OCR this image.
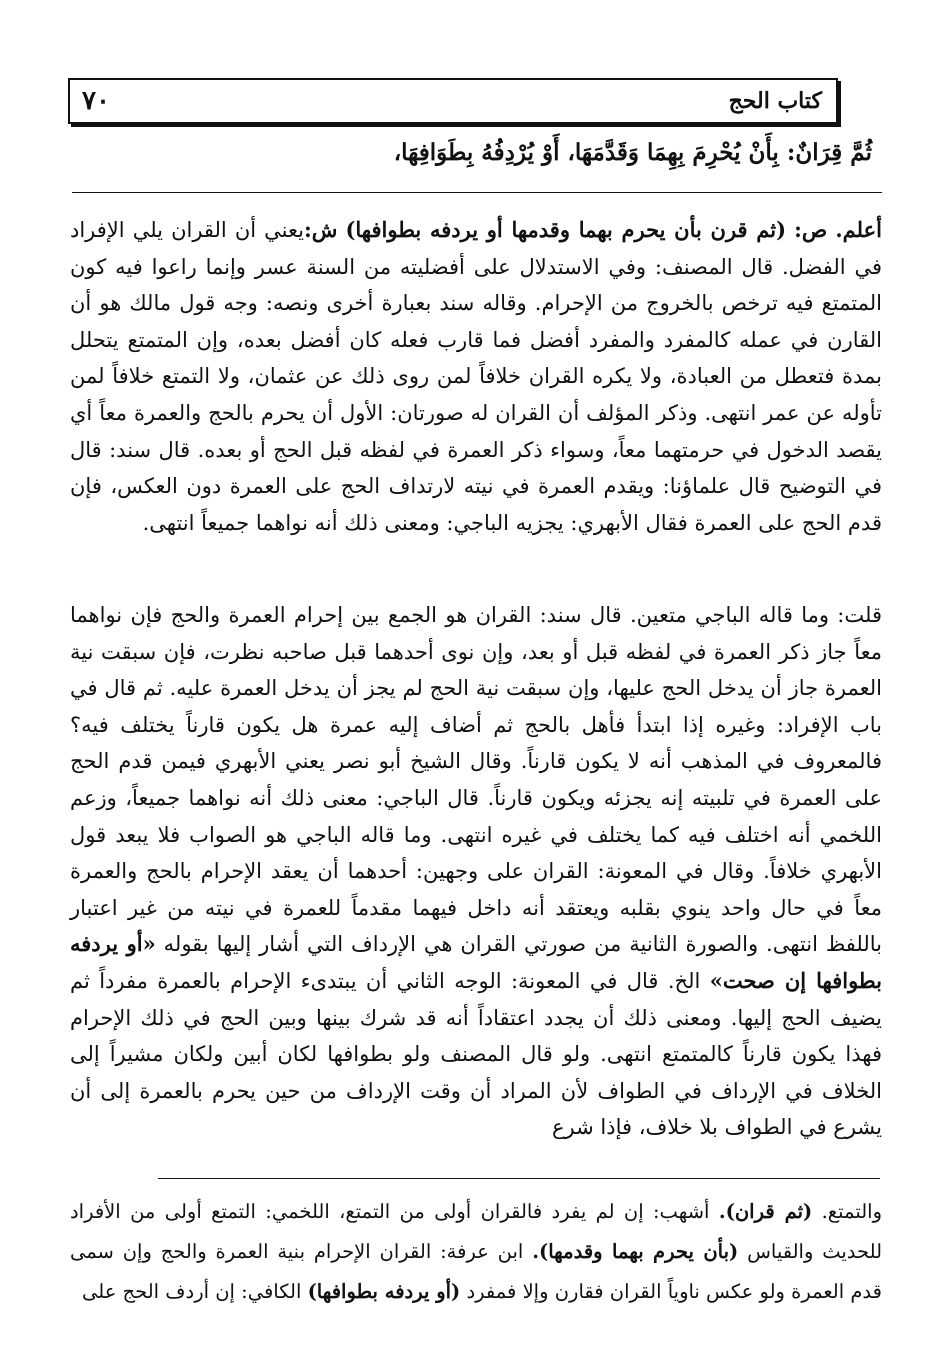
٧٠	كتاب الحج
ثُمَّ قِرَانٌ: بِأَنْ يُحْرِمَ بِهِمَا وَقَدَّمَهَا، أَوْ يُرْدِفُهُ بِطَوَافِهَا،

أعلم. ص: (ثم قرن بأن يحرم بهما وقدمها أو يردفه بطوافها) ش:يعني أن القران يلي الإفراد في الفضل. قال المصنف: وفي الاستدلال على أفضليته من السنة عسر وإنما راعوا فيه كون المتمتع فيه ترخص بالخروج من الإحرام. وقاله سند بعبارة أخرى ونصه: وجه قول مالك هو أن القارن في عمله كالمفرد والمفرد أفضل فما قارب فعله كان أفضل بعده، وإن المتمتع يتحلل بمدة فتعطل من العبادة، ولا يكره القران خلافاً لمن روى ذلك عن عثمان، ولا التمتع خلافاً لمن تأوله عن عمر انتهى. وذكر المؤلف أن القران له صورتان: الأول أن يحرم بالحج والعمرة معاً أي يقصد الدخول في حرمتهما معاً، وسواء ذكر العمرة في لفظه قبل الحج أو بعده. قال سند: قال في التوضيح قال علماؤنا: ويقدم العمرة في نيته لارتداف الحج على العمرة دون العكس، فإن قدم الحج على العمرة فقال الأبهري: يجزيه الباجي: ومعنى ذلك أنه نواهما جميعاً انتهى.

قلت: وما قاله الباجي متعين. قال سند: القران هو الجمع بين إحرام العمرة والحج فإن نواهما معاً جاز ذكر العمرة في لفظه قبل أو بعد، وإن نوى أحدهما قبل صاحبه نظرت، فإن سبقت نية العمرة جاز أن يدخل الحج عليها، وإن سبقت نية الحج لم يجز أن يدخل العمرة عليه. ثم قال في باب الإفراد: وغيره إذا ابتدأ فأهل بالحج ثم أضاف إليه عمرة هل يكون قارناً يختلف فيه؟ فالمعروف في المذهب أنه لا يكون قارناً. وقال الشيخ أبو نصر يعني الأبهري فيمن قدم الحج على العمرة في تلبيته إنه يجزئه ويكون قارناً. قال الباجي: معنى ذلك أنه نواهما جميعاً، وزعم اللخمي أنه اختلف فيه كما يختلف في غيره انتهى. وما قاله الباجي هو الصواب فلا يبعد قول الأبهري خلافاً. وقال في المعونة: القران على وجهين: أحدهما أن يعقد الإحرام بالحج والعمرة معاً في حال واحد ينوي بقلبه ويعتقد أنه داخل فيهما مقدماً للعمرة في نيته من غير اعتبار باللفظ انتهى. والصورة الثانية من صورتي القران هي الإرداف التي أشار إليها بقوله «أو يردفه بطوافها إن صحت» الخ. قال في المعونة: الوجه الثاني أن يبتدىء الإحرام بالعمرة مفرداً ثم يضيف الحج إليها. ومعنى ذلك أن يجدد اعتقاداً أنه قد شرك بينها وبين الحج في ذلك الإحرام فهذا يكون قارناً كالمتمتع انتهى. ولو قال المصنف ولو بطوافها لكان أبين ولكان مشيراً إلى الخلاف في الإرداف في الطواف لأن المراد أن وقت الإرداف من حين يحرم بالعمرة إلى أن يشرع في الطواف بلا خلاف، فإذا شرع

والتمتع. (ثم قران). أشهب: إن لم يفرد فالقران أولى من التمتع، اللخمي: التمتع أولى من الأفراد للحديث والقياس (بأن يحرم بهما وقدمها). ابن عرفة: القران الإحرام بنية العمرة والحج وإن سمى قدم العمرة ولو عكس ناوياً القران فقارن وإلا فمفرد (أو يردفه بطوافها) الكافي: إن أردف الحج على
